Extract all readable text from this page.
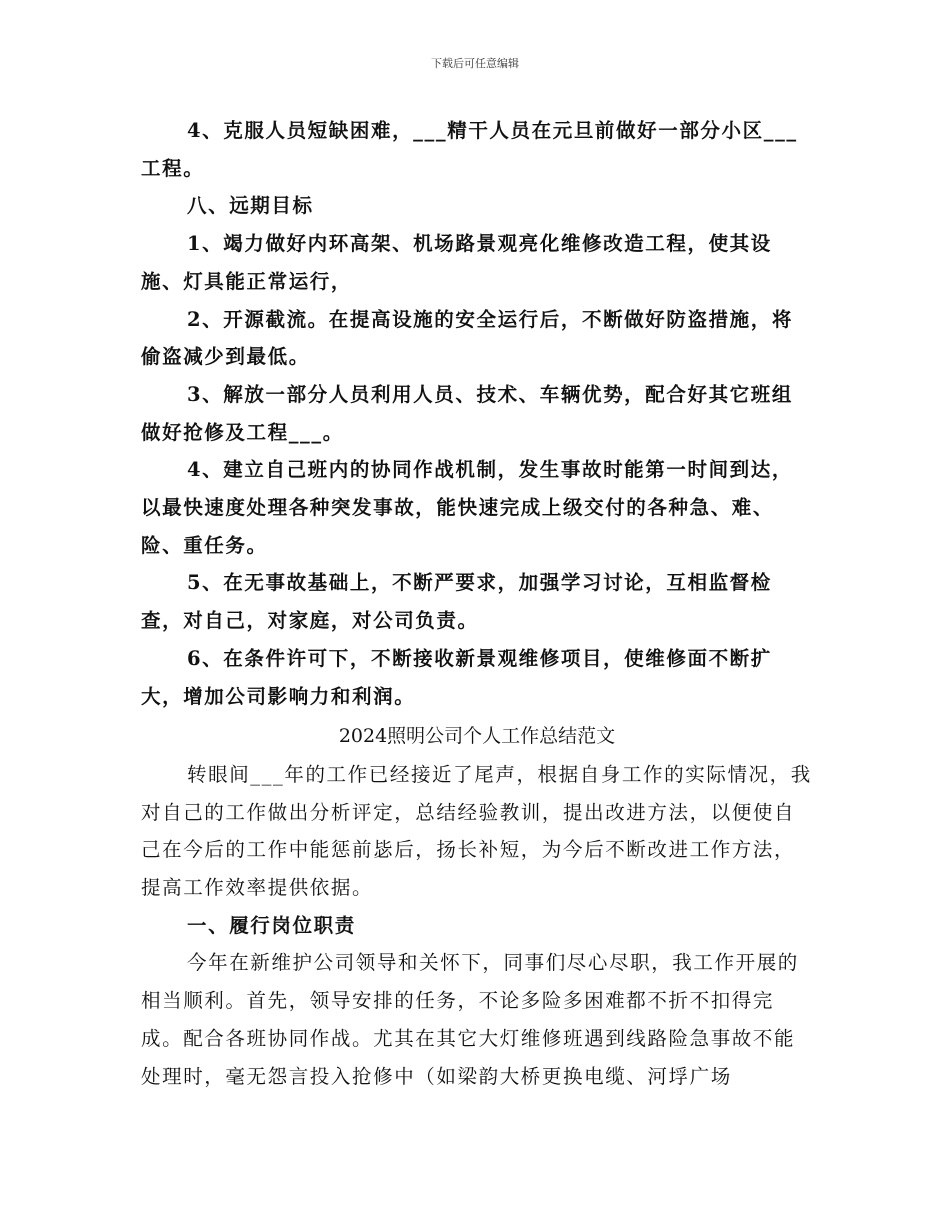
下载后可任意编辑

4、克服人员短缺困难，___精干人员在元旦前做好一部分小区___工程。

八、远期目标

1、竭力做好内环高架、机场路景观亮化维修改造工程，使其设施、灯具能正常运行，

2、开源截流。在提高设施的安全运行后，不断做好防盗措施，将偷盗减少到最低。

3、解放一部分人员利用人员、技术、车辆优势，配合好其它班组做好抢修及工程___。

4、建立自己班内的协同作战机制，发生事故时能第一时间到达，以最快速度处理各种突发事故，能快速完成上级交付的各种急、难、险、重任务。

5、在无事故基础上，不断严要求，加强学习讨论，互相监督检查，对自己，对家庭，对公司负责。

6、在条件许可下，不断接收新景观维修项目，使维修面不断扩大，增加公司影响力和利润。

2024照明公司个人工作总结范文

转眼间___年的工作已经接近了尾声，根据自身工作的实际情况，我对自己的工作做出分析评定，总结经验教训，提出改进方法，以便使自己在今后的工作中能惩前毖后，扬长补短，为今后不断改进工作方法，提高工作效率提供依据。

一、履行岗位职责

今年在新维护公司领导和关怀下，同事们尽心尽职，我工作开展的相当顺利。首先，领导安排的任务，不论多险多困难都不折不扣得完成。配合各班协同作战。尤其在其它大灯维修班遇到线路险急事故不能处理时，毫无怨言投入抢修中（如梁韵大桥更换电缆、河垺广场
